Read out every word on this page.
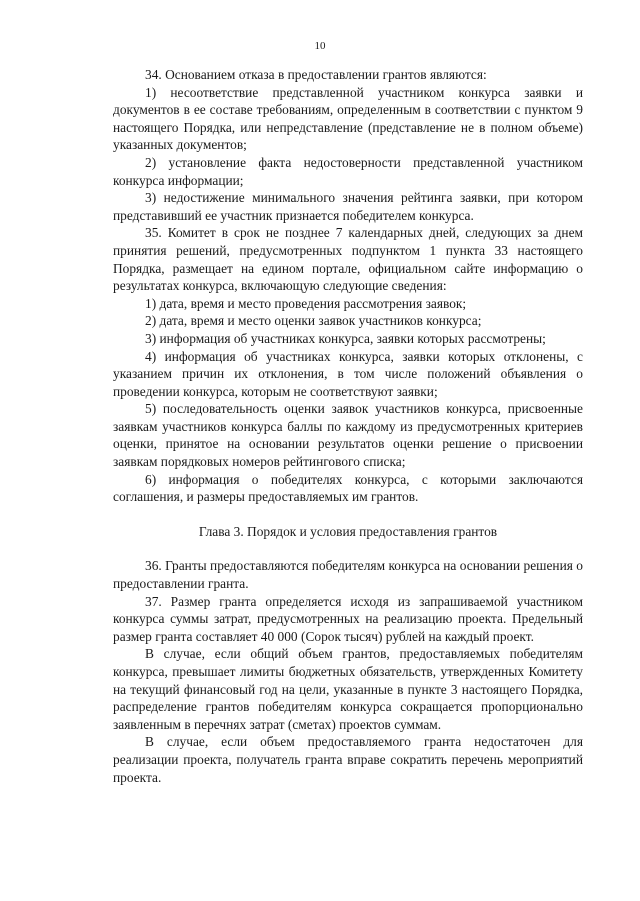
10

34. Основанием отказа в предоставлении грантов являются:

1) несоответствие представленной участником конкурса заявки и документов в ее составе требованиям, определенным в соответствии с пунктом 9 настоящего Порядка, или непредставление (представление не в полном объеме) указанных документов;

2) установление факта недостоверности представленной участником конкурса информации;

3) недостижение минимального значения рейтинга заявки, при котором представивший ее участник признается победителем конкурса.

35. Комитет в срок не позднее 7 календарных дней, следующих за днем принятия решений, предусмотренных подпунктом 1 пункта 33 настоящего Порядка, размещает на едином портале, официальном сайте информацию о результатах конкурса, включающую следующие сведения:

1) дата, время и место проведения рассмотрения заявок;

2) дата, время и место оценки заявок участников конкурса;

3) информация об участниках конкурса, заявки которых рассмотрены;

4) информация об участниках конкурса, заявки которых отклонены, с указанием причин их отклонения, в том числе положений объявления о проведении конкурса, которым не соответствуют заявки;

5) последовательность оценки заявок участников конкурса, присвоенные заявкам участников конкурса баллы по каждому из предусмотренных критериев оценки, принятое на основании результатов оценки решение о присвоении заявкам порядковых номеров рейтингового списка;

6) информация о победителях конкурса, с которыми заключаются соглашения, и размеры предоставляемых им грантов.

Глава 3. Порядок и условия предоставления грантов

36. Гранты предоставляются победителям конкурса на основании решения о предоставлении гранта.

37. Размер гранта определяется исходя из запрашиваемой участником конкурса суммы затрат, предусмотренных на реализацию проекта. Предельный размер гранта составляет 40 000 (Сорок тысяч) рублей на каждый проект.

В случае, если общий объем грантов, предоставляемых победителям конкурса, превышает лимиты бюджетных обязательств, утвержденных Комитету на текущий финансовый год на цели, указанные в пункте 3 настоящего Порядка, распределение грантов победителям конкурса сокращается пропорционально заявленным в перечнях затрат (сметах) проектов суммам.

В случае, если объем предоставляемого гранта недостаточен для реализации проекта, получатель гранта вправе сократить перечень мероприятий проекта.
